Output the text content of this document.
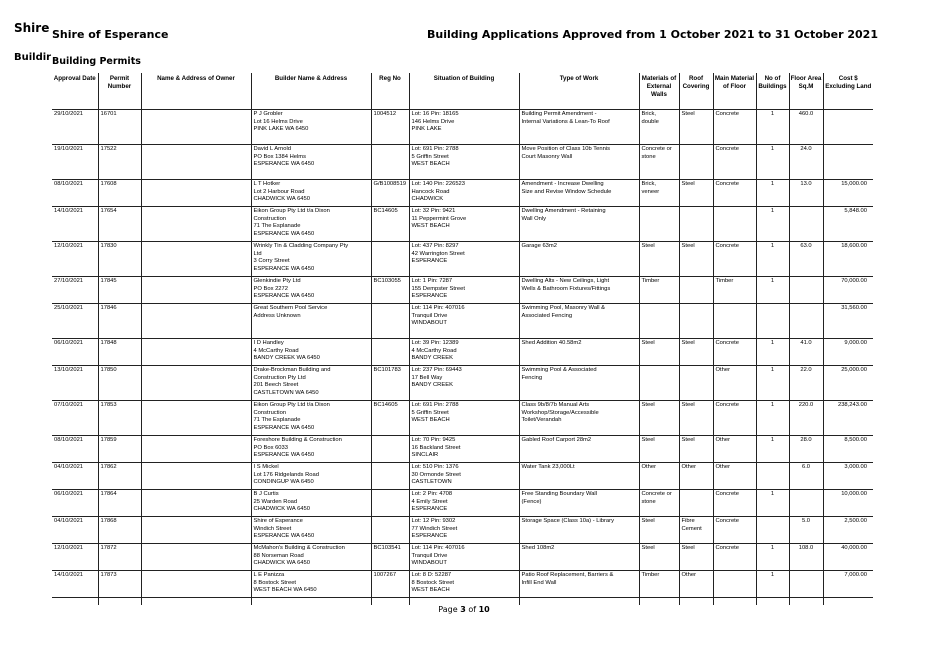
Shire
Buildir
Shire of Esperance	Building Applications Approved from 1 October 2021 to 31 October 2021
Building Permits
Approval Date	Permit Number	Name & Address of Owner	Builder Name & Address	Reg No	Situation of Building	Type of Work	Materials of External Walls	Roof Covering	Main Material of Floor	No of Buildings	Floor Area Sq.M	Cost $ Excluding Land
29/10/2021	16701		P J Grobler
Lot 16 Helms Drive
PINK LAKE WA 6450	1004512	Lot: 16 Pin: 18165
146 Helms Drive
PINK LAKE	Building Permit Amendment -
Internal Variations & Lean-To Roof	Brick,
double	Steel	Concrete	1	460.0	
19/10/2021	17522		David L Arnold
PO Box 1384 Helms
ESPERANCE WA 6450		Lot: 691 Pin: 2788
5 Griffin Street
WEST BEACH	Move Position of Class 10b Tennis
Court Masonry Wall	Concrete or
stone		Concrete	1	24.0	
08/10/2021	17608		L T Hotker
Lot 2 Harbour Road
CHADWICK WA 6450	G/B1008519	Lot: 140 Pin: 226523
Hancock Road
CHADWICK	Amendment - Increase Dwelling
Size and Revise Window Schedule	Brick,
veneer	Steel	Concrete	1	13.0	15,000.00
14/10/2021	17654		Eikon Group Pty Ltd t/a Dixon
Construction
71 The Esplanade
ESPERANCE WA 6450	BC14605	Lot: 32 Pin: 9421
11 Peppermint Grove
WEST BEACH	Dwelling Amendment - Retaining
Wall Only				1		5,848.00
12/10/2021	17830		Wrinkly Tin & Cladding Company Pty
Ltd
3 Corry Street
ESPERANCE WA 6450		Lot: 437 Pin: 8297
42 Warrington Street
ESPERANCE	Garage 63m2	Steel	Steel	Concrete	1	63.0	18,600.00
27/10/2021	17845		Glenkindie Pty Ltd
PO Box 2272
ESPERANCE WA 6450	BC103055	Lot: 1 Pin: 7287
155 Dempster Street
ESPERANCE	Dwelling Alts - New Ceilings, Light
Wells & Bathroom Fixtures/Fittings	Timber		Timber	1		70,000.00
25/10/2021	17846		Great Southern Pool Service
Address Unknown		Lot: 114 Pin: 407016
Tranquil Drive
WINDABOUT	Swimming Pool, Masonry Wall &
Associated Fencing						31,560.00
06/10/2021	17848		I D Handley
4 McCarthy Road
BANDY CREEK WA 6450		Lot: 39 Pin: 12389
4 McCarthy Road
BANDY CREEK	Shed Addition 40.58m2	Steel	Steel	Concrete	1	41.0	9,000.00
13/10/2021	17850		Drake-Brockman Building and
Construction Pty Ltd
201 Beech Street
CASTLETOWN WA 6450	BC101783	Lot: 237 Pin: 69443
17 Bell Way
BANDY CREEK	Swimming Pool & Associated
Fencing			Other	1	22.0	25,000.00
07/10/2021	17853		Eikon Group Pty Ltd t/a Dixon
Construction
71 The Esplanade
ESPERANCE WA 6450	BC14605	Lot: 691 Pin: 2788
5 Griffin Street
WEST BEACH	Class 9b/8/7b Manual Arts
Workshop/Storage/Accessible
Toilet/Verandah	Steel	Steel	Concrete	1	220.0	238,243.00
08/10/2021	17859		Foreshore Building & Construction
PO Box 6033
ESPERANCE WA 6450		Lot: 70 Pin: 9425
16 Backland Street
SINCLAIR	Gabled Roof Carport 28m2	Steel	Steel	Other	1	28.0	8,500.00
04/10/2021	17862		I S Mickel
Lot 176 Ridgelands Road
CONDINGUP WA 6450		Lot: 510 Pin: 1376
30 Ormonde Street
CASTLETOWN	Water Tank 23,000Lt	Other	Other	Other		6.0	3,000.00
06/10/2021	17864		B J Curtis
25 Warden Road
CHADWICK WA 6450		Lot: 2 Pin: 4708
4 Emily Street
ESPERANCE	Free Standing Boundary Wall
(Fence)	Concrete or
stone		Concrete	1		10,000.00
04/10/2021	17868		Shire of Esperance
Windich Street
ESPERANCE WA 6450		Lot: 12 Pin: 9302
77 Windich Street
ESPERANCE	Storage Space (Class 10a) - Library	Steel	Fibre
Cement	Concrete		5.0	2,500.00
12/10/2021	17872		McMahon's Building & Construction
88 Norseman Road
CHADWICK WA 6450	BC103541	Lot: 114 Pin: 407016
Tranquil Drive
WINDABOUT	Shed 108m2	Steel	Steel	Concrete	1	108.0	40,000.00
14/10/2021	17873		L E Panizza
8 Bostock Street
WEST BEACH WA 6450	1007267	Lot: 8 D: 52287
8 Bostock Street
WEST BEACH	Patio Roof Replacement, Barriers &
Infill End Wall	Timber	Other		1		7,000.00

Page 3 of 10
